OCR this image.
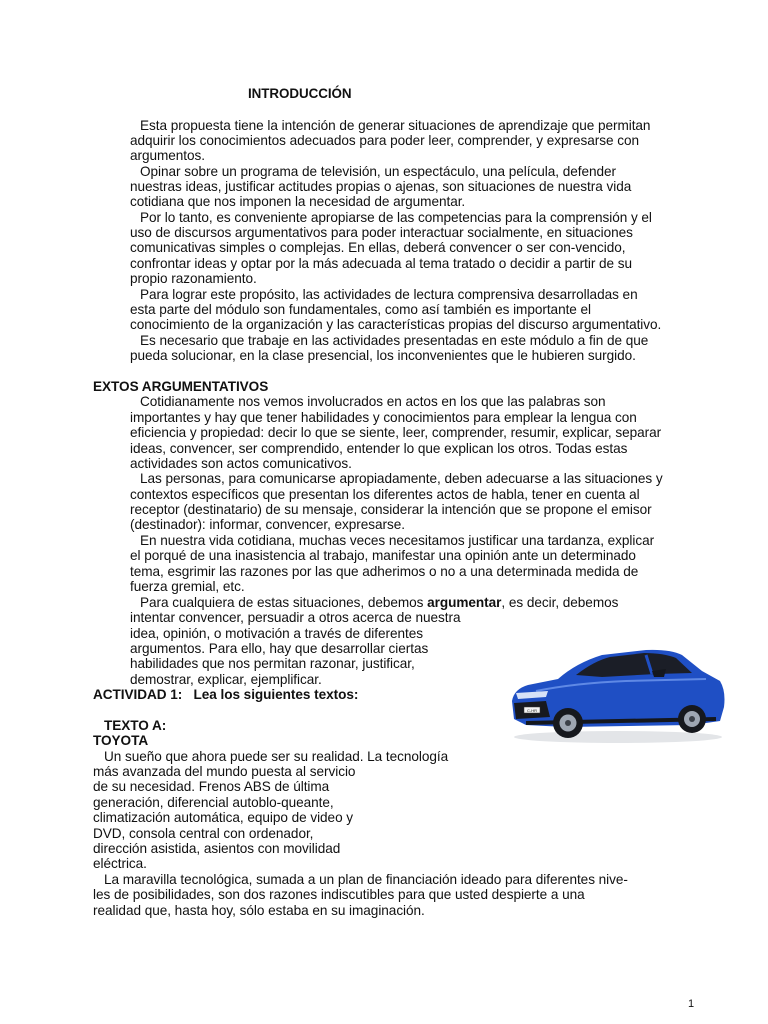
INTRODUCCIÓN
Esta propuesta tiene la intención de generar situaciones de aprendizaje que permitan
adquirir los conocimientos adecuados para poder leer, comprender, y expresarse con
argumentos.
Opinar sobre un programa de televisión, un espectáculo, una película, defender
nuestras ideas, justificar actitudes propias o ajenas, son situaciones de nuestra vida
cotidiana que nos imponen la necesidad de argumentar.
Por lo tanto, es conveniente apropiarse de las competencias para la comprensión y el
uso de discursos argumentativos para poder interactuar socialmente, en situaciones
comunicativas simples o complejas. En ellas, deberá convencer o ser con-vencido,
confrontar ideas y optar por la más adecuada al tema tratado o decidir a partir de su
propio razonamiento.
Para lograr este propósito, las actividades de lectura comprensiva desarrolladas en
esta parte del módulo son fundamentales, como así también es importante el
conocimiento de la organización y las características propias del discurso argumentativo.
Es necesario que trabaje en las actividades presentadas en este módulo a fin de que
pueda solucionar, en la clase presencial, los inconvenientes que le hubieren surgido.
EXTOS ARGUMENTATIVOS
Cotidianamente nos vemos involucrados en actos en los que las palabras son
importantes y hay que tener habilidades y conocimientos para emplear la lengua con
eficiencia y propiedad: decir lo que se siente, leer, comprender, resumir, explicar, separar
ideas, convencer, ser comprendido, entender lo que explican los otros. Todas estas
actividades son actos comunicativos.
Las personas, para comunicarse apropiadamente, deben adecuarse a las situaciones y
contextos específicos que presentan los diferentes actos de habla, tener en cuenta al
receptor (destinatario) de su mensaje, considerar la intención que se propone el emisor
(destinador): informar, convencer, expresarse.
En nuestra vida cotidiana, muchas veces necesitamos justificar una tardanza, explicar
el porqué de una inasistencia al trabajo, manifestar una opinión ante un determinado
tema, esgrimir las razones por las que adherimos o no a una determinada medida de
fuerza gremial, etc.
Para cualquiera de estas situaciones, debemos argumentar, es decir, debemos
intentar convencer, persuadir a otros acerca de nuestra
idea, opinión, o motivación a través de diferentes
argumentos. Para ello, hay que desarrollar ciertas
habilidades que nos permitan razonar, justificar,
demostrar, explicar, ejemplificar.
ACTIVIDAD 1: Lea los siguientes textos:
TEXTO A:
TOYOTA
Un sueño que ahora puede ser su realidad. La tecnología
más avanzada del mundo puesta al servicio
de su necesidad. Frenos ABS de última
generación, diferencial autoblo-queante,
climatización automática, equipo de video y
DVD, consola central con ordenador,
dirección asistida, asientos con movilidad
eléctrica.
La maravilla tecnológica, sumada a un plan de financiación ideado para diferentes nive-
les de posibilidades, son dos razones indiscutibles para que usted despierte a una
realidad que, hasta hoy, sólo estaba en su imaginación.
C-HR
1
